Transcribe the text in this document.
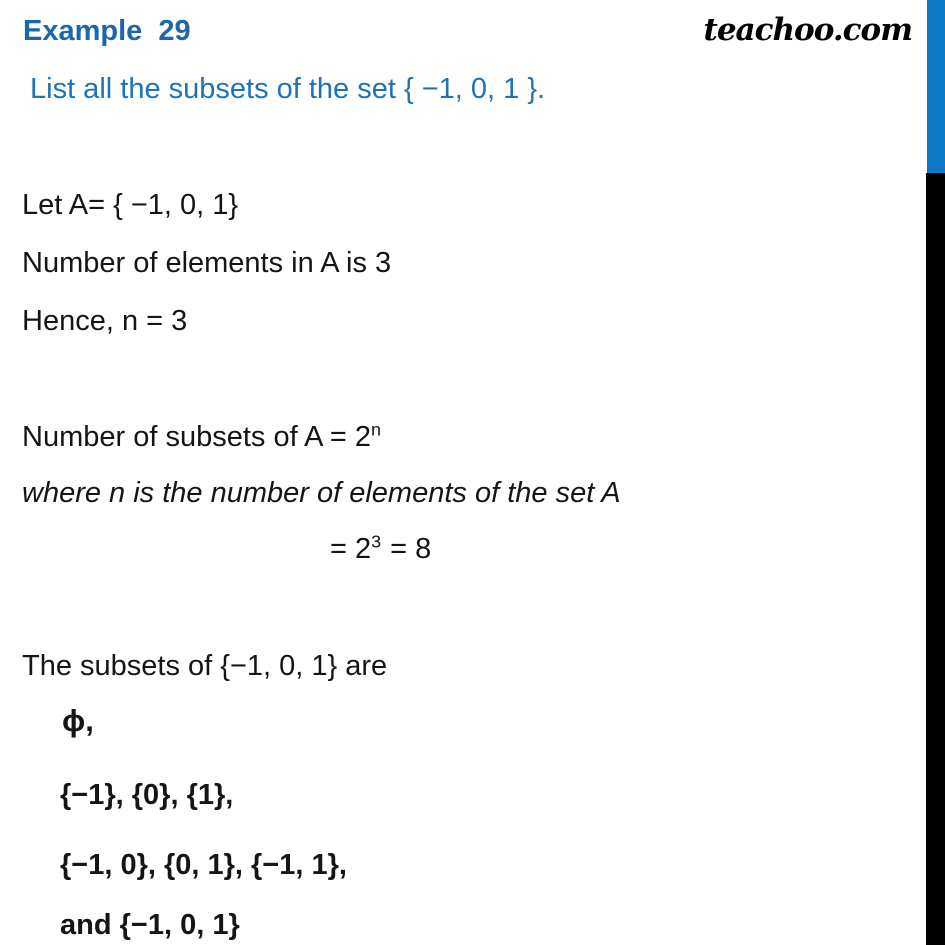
Example  29	teachoo.com
List all the subsets of the set { −1, 0, 1 }.
Let A= { −1, 0, 1}
Number of elements in A is 3
Hence, n = 3
Number of subsets of $A = 2^n$
where n is the number of elements of the set A
= $2^3 = 8$
The subsets of {−1, 0, 1} are
ϕ,
{−1}, {0}, {1},
{−1, 0}, {0, 1}, {−1, 1},
and {−1, 0, 1}
